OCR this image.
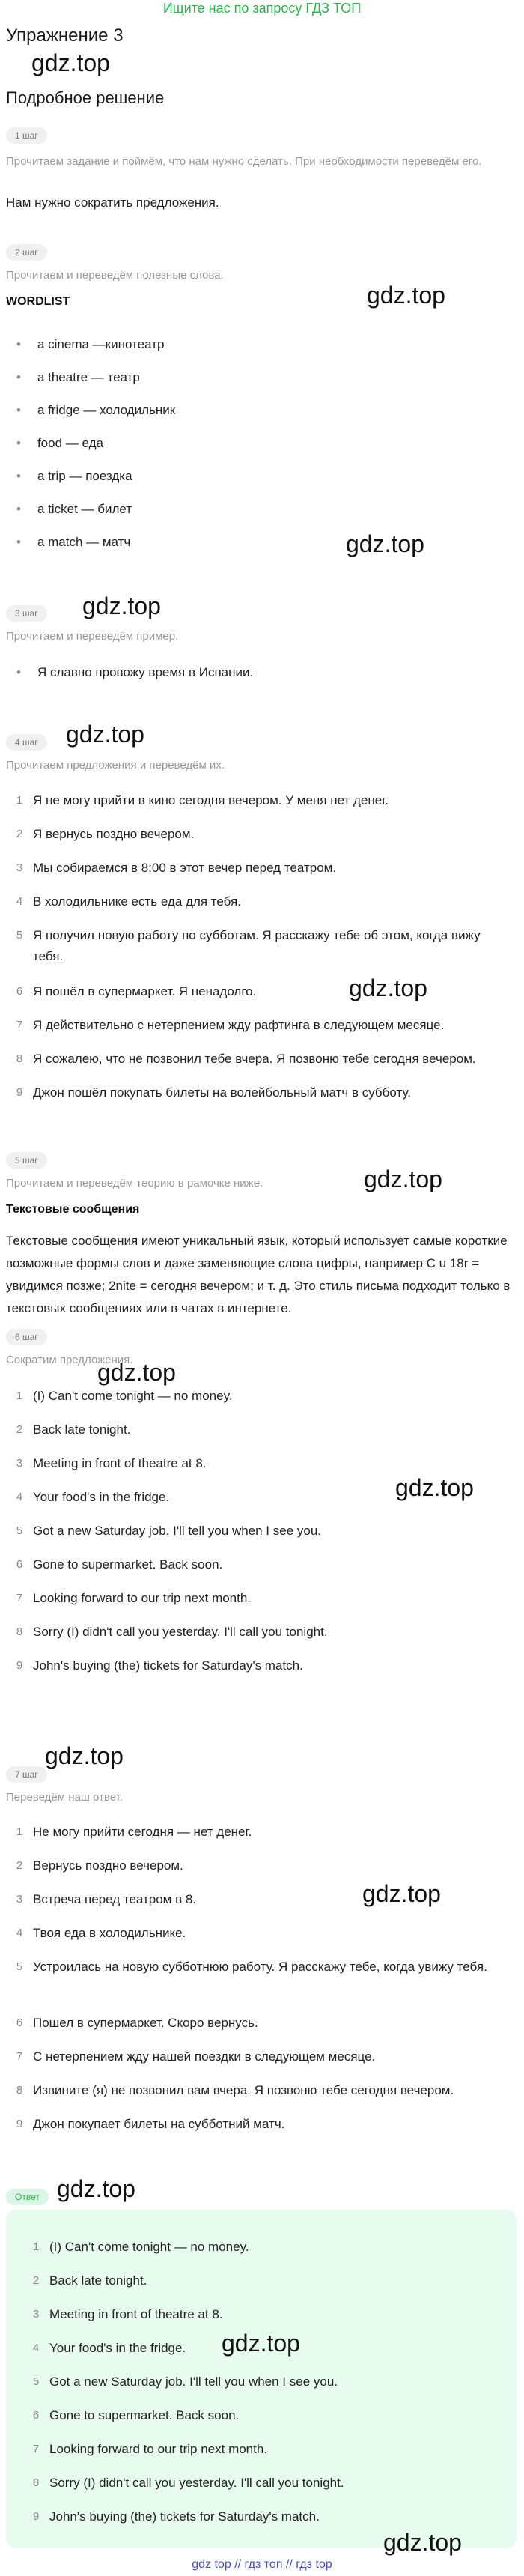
Ищите нас по запросу ГДЗ ТОП
Упражнение 3
Подробное решение
gdz.top
gdz.top
gdz.top
gdz.top
gdz.top
gdz.top
gdz.top
gdz.top
gdz.top
gdz.top
gdz.top
gdz.top
1 шаг
Прочитаем задание и поймём, что нам нужно сделать. При необходимости переведём его.
Нам нужно сократить предложения.
2 шаг
Прочитаем и переведём полезные слова.
WORDLIST
• a cinema —кинотеатр
• a theatre — театр
• a fridge — холодильник
• food — еда
• a trip — поездка
• a ticket — билет
• a match — матч
3 шаг
Прочитаем и переведём пример.
• Я славно провожу время в Испании.
4 шаг
Прочитаем предложения и переведём их.
1 Я не могу прийти в кино сегодня вечером. У меня нет денег.
2 Я вернусь поздно вечером.
3 Мы собираемся в 8:00 в этот вечер перед театром.
4 В холодильнике есть еда для тебя.
5 Я получил новую работу по субботам. Я расскажу тебе об этом, когда вижу тебя.
6 Я пошёл в супермаркет. Я ненадолго.
7 Я действительно с нетерпением жду рафтинга в следующем месяце.
8 Я сожалею, что не позвонил тебе вчера. Я позвоню тебе сегодня вечером.
9 Джон пошёл покупать билеты на волейбольный матч в субботу.
5 шаг
Прочитаем и переведём теорию в рамочке ниже.
Текстовые сообщения
Текстовые сообщения имеют уникальный язык, который использует самые короткие возможные формы слов и даже заменяющие слова цифры, например C u 18r = увидимся позже; 2nite = сегодня вечером; и т. д. Это стиль письма подходит только в текстовых сообщениях или в чатах в интернете.
6 шаг
Сократим предложения.
1 (I) Can't come tonight — no money.
2 Back late tonight.
3 Meeting in front of theatre at 8.
4 Your food's in the fridge.
5 Got a new Saturday job. I'll tell you when I see you.
6 Gone to supermarket. Back soon.
7 Looking forward to our trip next month.
8 Sorry (I) didn't call you yesterday. I'll call you tonight.
9 John's buying (the) tickets for Saturday's match.
7 шаг
Переведём наш ответ.
1 Не могу прийти сегодня — нет денег.
2 Вернусь поздно вечером.
3 Встреча перед театром в 8.
4 Твоя еда в холодильнике.
5 Устроилась на новую субботнюю работу. Я расскажу тебе, когда увижу тебя.
6 Пошел в супермаркет. Скоро вернусь.
7 С нетерпением жду нашей поездки в следующем месяце.
8 Извините (я) не позвонил вам вчера. Я позвоню тебе сегодня вечером.
9 Джон покупает билеты на субботний матч.
Ответ
gdz.top
gdz.top
1 (I) Can't come tonight — no money.
2 Back late tonight.
3 Meeting in front of theatre at 8.
4 Your food's in the fridge.
5 Got a new Saturday job. I'll tell you when I see you.
6 Gone to supermarket. Back soon.
7 Looking forward to our trip next month.
8 Sorry (I) didn't call you yesterday. I'll call you tonight.
9 John's buying (the) tickets for Saturday's match.
gdz top // гдз топ // гдз top
